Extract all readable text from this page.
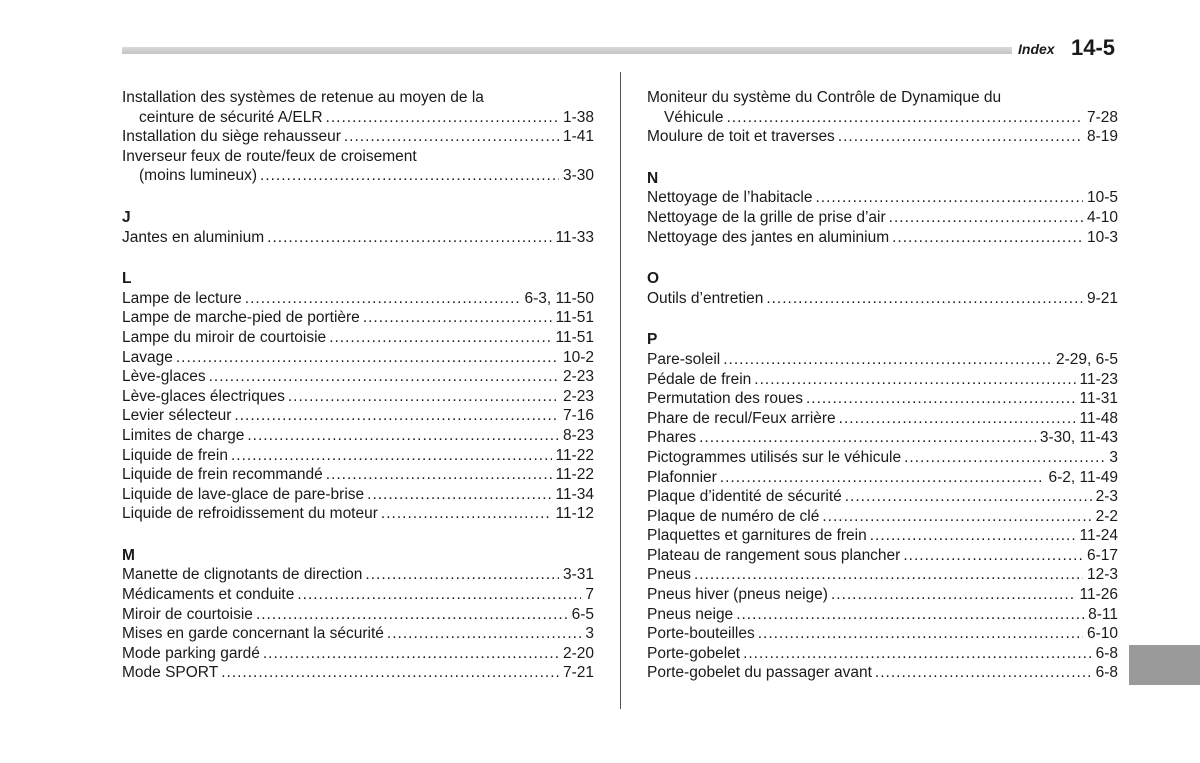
Index 14-5
Installation des systèmes de retenue au moyen de la
ceinture de sécurité A/ELR .....	1-38
Installation du siège rehausseur .....	1-41
Inverseur feux de route/feux de croisement
(moins lumineux) .....	3-30
J
Jantes en aluminium .....	11-33
L
Lampe de lecture .....	6-3, 11-50
Lampe de marche-pied de portière .....	11-51
Lampe du miroir de courtoisie .....	11-51
Lavage .....	10-2
Lève-glaces .....	2-23
Lève-glaces électriques .....	2-23
Levier sélecteur .....	7-16
Limites de charge .....	8-23
Liquide de frein .....	11-22
Liquide de frein recommandé .....	11-22
Liquide de lave-glace de pare-brise .....	11-34
Liquide de refroidissement du moteur .....	11-12
M
Manette de clignotants de direction .....	3-31
Médicaments et conduite .....	7
Miroir de courtoisie .....	6-5
Mises en garde concernant la sécurité .....	3
Mode parking gardé .....	2-20
Mode SPORT .....	7-21
Moniteur du système du Contrôle de Dynamique du
Véhicule .....	7-28
Moulure de toit et traverses .....	8-19
N
Nettoyage de l’habitacle .....	10-5
Nettoyage de la grille de prise d’air .....	4-10
Nettoyage des jantes en aluminium .....	10-3
O
Outils d’entretien .....	9-21
P
Pare-soleil .....	2-29, 6-5
Pédale de frein .....	11-23
Permutation des roues .....	11-31
Phare de recul/Feux arrière .....	11-48
Phares .....	3-30, 11-43
Pictogrammes utilisés sur le véhicule .....	3
Plafonnier .....	6-2, 11-49
Plaque d’identité de sécurité .....	2-3
Plaque de numéro de clé .....	2-2
Plaquettes et garnitures de frein .....	11-24
Plateau de rangement sous plancher .....	6-17
Pneus .....	12-3
Pneus hiver (pneus neige) .....	11-26
Pneus neige .....	8-11
Porte-bouteilles .....	6-10
Porte-gobelet .....	6-8
Porte-gobelet du passager avant .....	6-8
